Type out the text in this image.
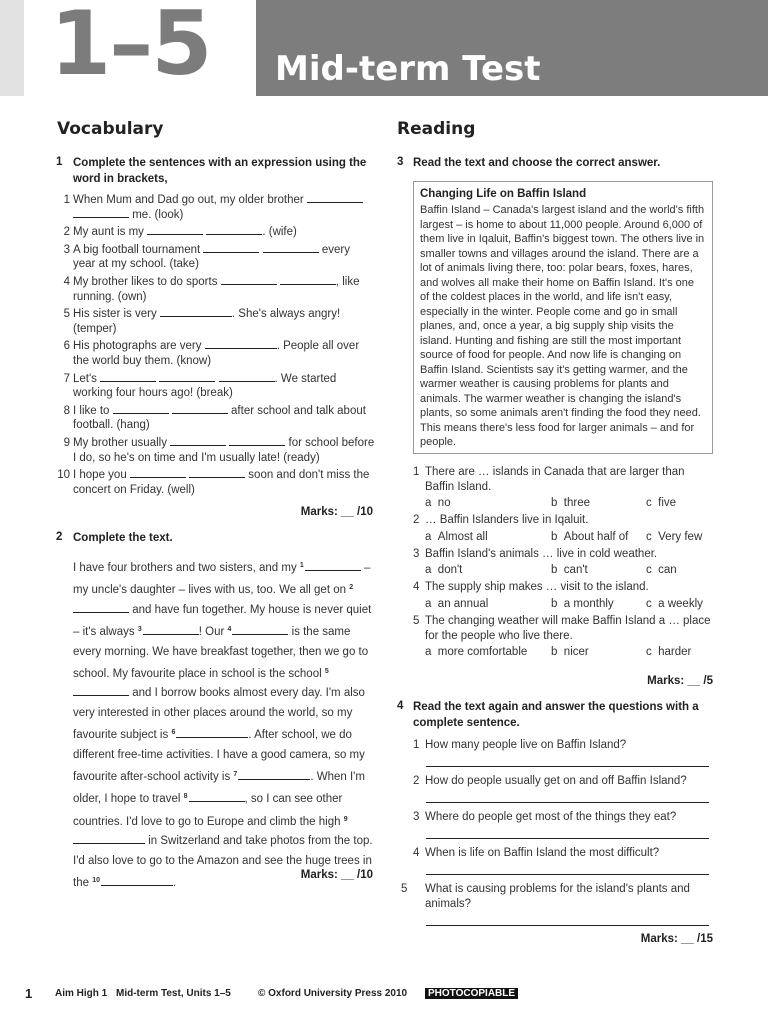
1–5 Mid-term Test
Vocabulary	Reading
1 Complete the sentences with an expression using the word in brackets,

1 When Mum and Dad go out, my older brother   me. (look)

2 My aunt is my	. (wife)

3 A big football tournament	every year at my school. (take)

4 My brother likes to do sports	, like running. (own)

5 His sister is very	. She's always angry! (temper)

6 His photographs are very	. People all over the world buy them. (know)

7 Let's	. We started working four hours ago! (break)

8 I like to	after school and talk about football. (hang)

9 My brother usually	for school before I do, so he's on time and I'm usually late! (ready)

10 I hope you	soon and don't miss the concert on Friday. (well)

Marks: __ /10
2 Complete the text.
I have four brothers and two sisters, and my $^1$	– my uncle's daughter – lives with us, too. We all get on $^2$ and have fun together. My house is never quiet – it's always $^3$	! Our $^4$	is the same every morning. We have breakfast together, then we go to school. My favourite place in school is the school $^5$ and I borrow books almost every day. I'm also very interested in other places around the world, so my favourite subject is $^6$	. After school, we do different free-time activities. I have a good camera, so my favourite after-school activity is $^7$	. When I'm older, I hope to travel $^8$	, so I can see other countries. I'd love to go to Europe and climb the high $^9$ in Switzerland and take photos from the top. I'd also love to go to the Amazon and see the huge trees in the $^{10}$	.
Marks: __ /10
3 Read the text and choose the correct answer.
Changing Life on Baffin Island
Baffin Island – Canada's largest island and the world's fifth largest – is home to about 11,000 people. Around 6,000 of them live in Iqaluit, Baffin's biggest town. The others live in smaller towns and villages around the island. There are a lot of animals living there, too: polar bears, foxes, hares, and wolves all make their home on Baffin Island. It's one of the coldest places in the world, and life isn't easy, especially in the winter. People come and go in small planes, and, once a year, a big supply ship visits the island. Hunting and fishing are still the most important source of food for people. And now life is changing on Baffin Island. Scientists say it's getting warmer, and the warmer weather is causing problems for plants and animals. The warmer weather is changing the island's plants, so some animals aren't finding the food they need. This means there's less food for larger animals – and for people.
1 There are … islands in Canada that are larger than Baffin Island.
a  no	b  three	c  five
2 … Baffin Islanders live in Iqaluit.
a  Almost all	b  About half of c  Very few
3 Baffin Island's animals … live in cold weather.
a  don't	b  can't	c  can
4 The supply ship makes … visit to the island.
a  an annual	b  a monthly	c  a weekly
5 The changing weather will make Baffin Island a … place for the people who live there.
a  more comfortable b  nicer	c  harder
Marks: __ /5
4 Read the text again and answer the questions with a complete sentence.
1 How many people live on Baffin Island?
2 How do people usually get on and off Baffin Island?
3 Where do people get most of the things they eat?
4 When is life on Baffin Island the most difficult?
5 What is causing problems for the island's plants and animals?
Marks: __ /15
1 Aim High 1 Mid-term Test, Units 1–5	© Oxford University Press 2010	PHOTOCOPIABLE
